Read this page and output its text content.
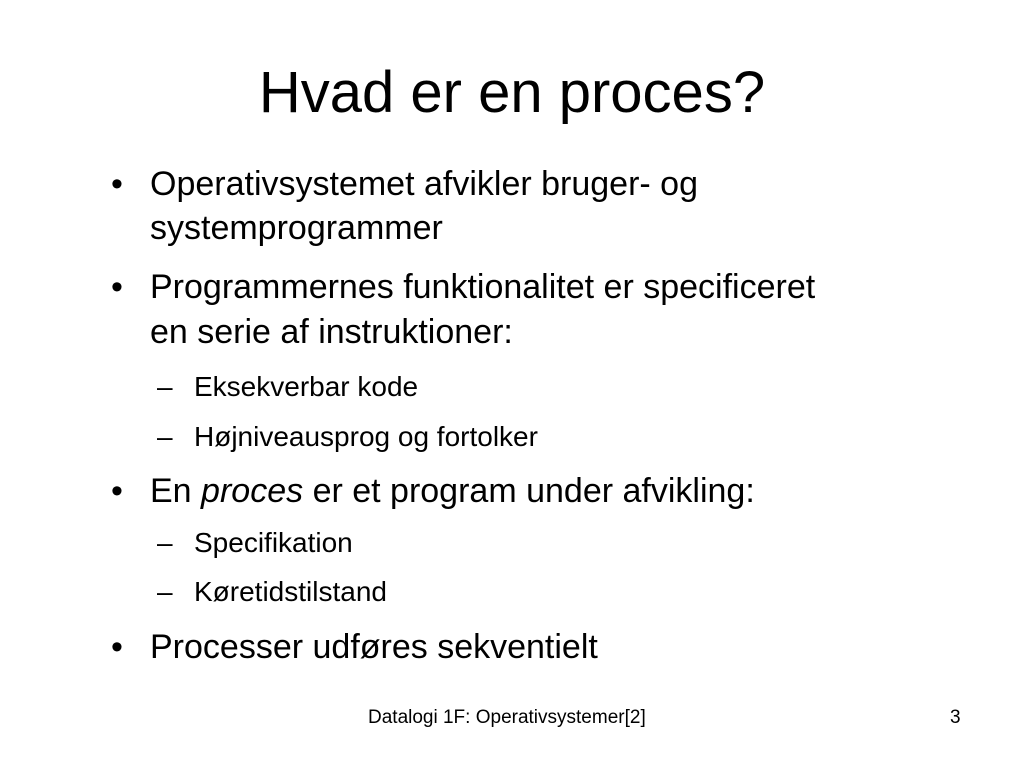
Hvad er en proces?
• Operativsystemet afvikler bruger- og
systemprogrammer
• Programmernes funktionalitet er specificeret
en serie af instruktioner:
– Eksekverbar kode
– Højniveausprog og fortolker
• En proces er et program under afvikling:
– Specifikation
– Køretidstilstand
• Processer udføres sekventielt
Datalogi 1F: Operativsystemer[2]	3
